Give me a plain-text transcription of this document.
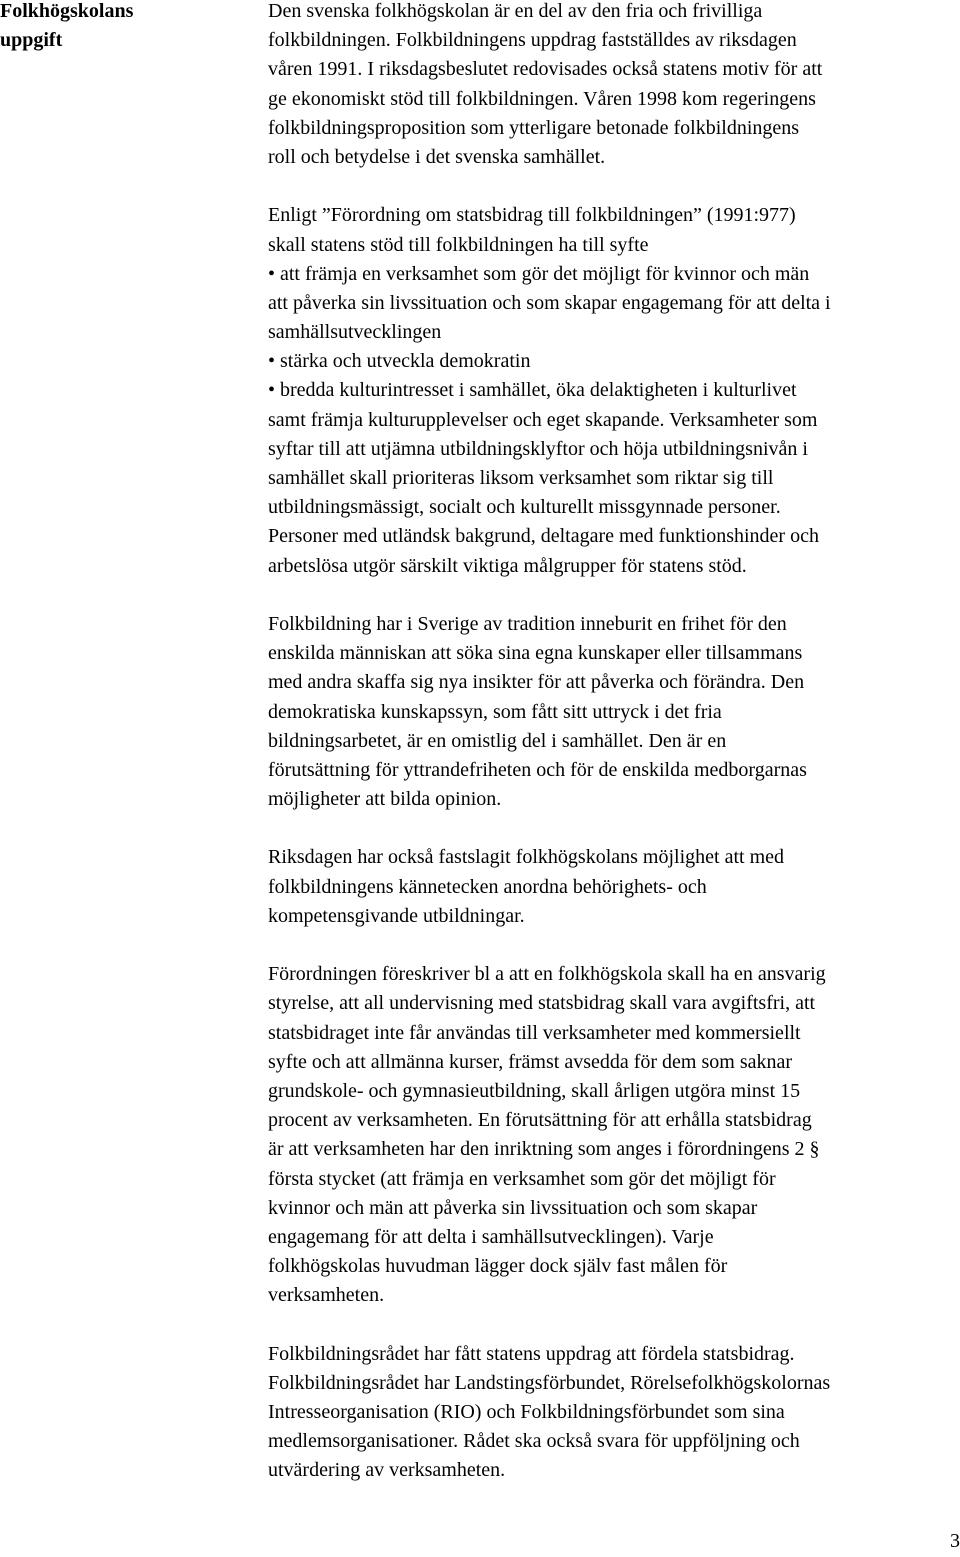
Folkhögskolans
uppgift
Den svenska folkhögskolan är en del av den fria och frivilliga
folkbildningen. Folkbildningens uppdrag fastställdes av riksdagen
våren 1991. I riksdagsbeslutet redovisades också statens motiv för att
ge ekonomiskt stöd till folkbildningen. Våren 1998 kom regeringens
folkbildningsproposition som ytterligare betonade folkbildningens
roll och betydelse i det svenska samhället.
Enligt ”Förordning om statsbidrag till folkbildningen” (1991:977)
skall statens stöd till folkbildningen ha till syfte
• att främja en verksamhet som gör det möjligt för kvinnor och män
att påverka sin livssituation och som skapar engagemang för att delta i
samhällsutvecklingen
• stärka och utveckla demokratin
• bredda kulturintresset i samhället, öka delaktigheten i kulturlivet
samt främja kulturupplevelser och eget skapande. Verksamheter som
syftar till att utjämna utbildningsklyftor och höja utbildningsnivån i
samhället skall prioriteras liksom verksamhet som riktar sig till
utbildningsmässigt, socialt och kulturellt missgynnade personer.
Personer med utländsk bakgrund, deltagare med funktionshinder och
arbetslösa utgör särskilt viktiga målgrupper för statens stöd.
Folkbildning har i Sverige av tradition inneburit en frihet för den
enskilda människan att söka sina egna kunskaper eller tillsammans
med andra skaffa sig nya insikter för att påverka och förändra. Den
demokratiska kunskapssyn, som fått sitt uttryck i det fria
bildningsarbetet, är en omistlig del i samhället. Den är en
förutsättning för yttrandefriheten och för de enskilda medborgarnas
möjligheter att bilda opinion.
Riksdagen har också fastslagit folkhögskolans möjlighet att med
folkbildningens kännetecken anordna behörighets- och
kompetensgivande utbildningar.
Förordningen föreskriver bl a att en folkhögskola skall ha en ansvarig
styrelse, att all undervisning med statsbidrag skall vara avgiftsfri, att
statsbidraget inte får användas till verksamheter med kommersiellt
syfte och att allmänna kurser, främst avsedda för dem som saknar
grundskole- och gymnasieutbildning, skall årligen utgöra minst 15
procent av verksamheten. En förutsättning för att erhålla statsbidrag
är att verksamheten har den inriktning som anges i förordningens 2 §
första stycket (att främja en verksamhet som gör det möjligt för
kvinnor och män att påverka sin livssituation och som skapar
engagemang för att delta i samhällsutvecklingen). Varje
folkhögskolas huvudman lägger dock själv fast målen för
verksamheten.
Folkbildningsrådet har fått statens uppdrag att fördela statsbidrag.
Folkbildningsrådet har Landstingsförbundet, Rörelsefolkhögskolornas
Intresseorganisation (RIO) och Folkbildningsförbundet som sina
medlemsorganisationer. Rådet ska också svara för uppföljning och
utvärdering av verksamheten.
3
